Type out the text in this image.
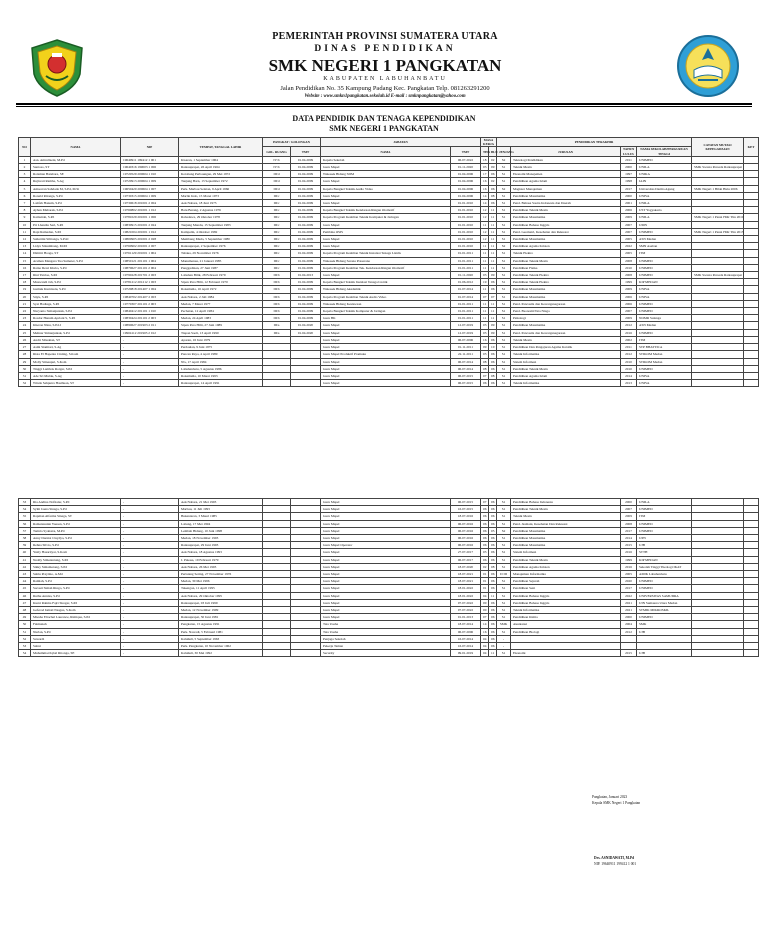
PEMERINTAH PROVINSI SUMATERA UTARA
DINAS PENDIDIKAN
SMK NEGERI 1 PANGKATAN
KABUPATEN LABUHANBATU
Jalan Pendidikan No. 35 Kampung Padang Kec. Pangkatan Telp. 081263291200
Website : www.smkn1pangkatan.sekolah.id E-mail : smknpangkatan@yahoo.com
DATA PENDIDIK DAN TENAGA KEPENDIDIKAN
SMK NEGERI 1 PANGKATAN
NO	NAMA	NIP	TEMPAT, TANGGAL LAHIR	PANGKAT / GOLONGAN		JABATAN		MASA KERJA		PENDIDIKAN TERAKHIR				CATATAN MUTASI KEPEGAWAIAN	KET
				GOL. RUANG	TMT	NAMA	TMT	THN	BLN	JENJANG	JURUSAN	TAHUN LULUS	NAMA SEKOLAH/PERGURUAN TINGGI		

1	Asn. Amrullaeni, M.Pd	19640911 199412 1 001	Kisaran, 1 September 1964	IV/b	01.04.2009	Kepala Sekolah	06.07.2022	18	02	S2	Teknologi Pendidikan	2011	UNIMED		
2	Santoso, ST	19640316 199003 1 006	Rantauprapat, 26 April 1964	IV/b	01.04.2009	Guru Mapel	01.11.2020	03	09	S1	Teknik Mesin	2000	UNILA	SMK Swasta Persada Rantauprapat	
3	Roisman Batubara, SE	19720529 200604 1 010	Kotabang Perbaungan, 29 Mei 1972	III/d	01.04.2009	Wakasek Bidang SDM	01.04.2006	17	06	S1	Ekonomi Manajemen	1997	UNIKA		
4	Rujiwati Rambe, S.Ag	19720913 200604 1 009	Tanjung Barn, 13 September 1972	III/d	01.04.2009	Guru Mapel	01.04.2006	16	02	S1	Pendidikan Agama Islam	1998	IAIN		
5	Amsorran Sahdada M, S.Pd, M.Si	19650420 200604 1 007	Perk. Marbau Selatan, 9 April 1966	III/d	01.04.2009	Kepala Bengkel Teknik Audio Video	01.04.2006	16	06	S2	Magister Manajemen	2017	Universitas Darma Agung	SMK Negeri 1 Bilah Hulu 2006	
6	Ronald Ritonga, S.Pd	19730315 200604 1 009	Marlin Indo, 15 Maret 1973	III/c	01.04.2009	Guru Mapel	01.04.2006	14	08	S1	Pendidikan Matematika	2000	UNIVA		
7	Latifah Hanum, S.Pd	19730618 201001 2 004	Aek Nabara, 18 Juni 1973	III/c	01.04.2009	Guru Mapel	01.01.2010	14	06	S1	Pend. Bahasa Sastra Indonesia dan Daerah	2001	UNILA		
8	Ayhan Mubarak, S.Pd	19760802 201001 1 012	Batu Barang, 2 Agustus 1976	III/c	01.04.2009	Kepala Bengkel Teknik Kendaraan Ringan Otomotif	01.01.2010	12	11	S1	Pendidikan Teknik Mesin	2006	UST Yogyakarta		
9	Kamsirah, S.Pd	19781029 201001 1 006	Rabadawa, 29 Oktober 1978	III/c	01.04.2009	Kepala Program Keahlian Teknik Komputer & Jaringan	01.01.2010	12	11	S1	Pendidikan Matematika	2009	UNILA	SMK Negeri 1 Panai Hilir Thn 2010	
10	Pri Lhandia Sari, S.Pd	19830915 201001 2 024	Tanjung Mandu, 15 September 1983	III/c	01.04.2009	Guru Mapel	01.01.2010	11	11	S1	Pendidikan Bahasa Inggris	2007	UMN		
11	Rapi Ramadan, S.Pd	19821004 201001 1 012	Kampalin, 4 Oktober 1982	III/c	01.04.2009	Pembina OSIS	01.01.2010	12	11	S1	Pend. Geometri, Kesehatan dan Rekreasi	2007	UNIMED	SMK Negeri 1 Panai Hilir Thn 2013	
12	Suhartini Silitonga, S.Pd.I	19800905 201001 2 028	Membang Muda, 5 September 1980	III/c	01.04.2009	Guru Mapel	01.01.2010	12	11	S1	Pendidikan Matematika	2005	ASN Medan		
13	Lidya Silaumbang, M.Pd	19760902 201001 2 007	Rantauprapat, 2 September 1976	III/c	01.04.2009	Guru Mapel	01.01.2010	11	11	S2	Pendidikan Agama Kristen	2022	SMN Aseban		
14	Dimitri Hoaga, ST	19761129 201001 1 004	Tabaka, 29 November 1976	III/c	01.04.2009	Kepala Program Keahlian Teknik Instalasi Tenaga Listrik	01.01.2011	11	11	S1	Teknik Elektro	2005	ITM		
15	Arsman Mangara Tua Sumeter, S.Pd	19850121 201101 1 004	Manumanua, 21 Januari 1985	III/c	01.04.2009	Wakasek Bidang Sarana Prasarana	01.01.2011	11	11	S1	Pendidikan Teknik Mesin	2008	UNIMED		
16	Ratna Dewi Klubo, S.Pd	19870627 201101 2 004	Panggadinan, 27 Juni 1987	III/c	01.04.2009	Kepala Program Keahlian Tek. Kendaraan Ringan Otomotif	01.01.2011	11	11	S1	Pendidikan Fisika	2010	UNIMED		
17	Rini Yetrisa, S.Pd	19790228 201701 2 003	Labuhan Bilik, 28 Februari 1979	III/b	01.04.2013	Guru Mapel	01.11.2020	03	09	S1	Pendidikan Teknik Elektro	2008	UNIMED	SMK Swasta Persada Rantauprapat	
18	Muswandi Jah, S.Pd	19781212 201212 1 003	Sipan Para Hilir, 12 Februari 1970	III/b	01.04.2009	Kepala Bengkel Teknik Instalasi Tenaga Listrik	01.06.2012	19	06	S1	Pendidikan Teknik Elektro	1999	KIP MEDAN		
19	Gumuk Kurniasiu, S.Pd	19720818 201407 1 004	Rokamulia, 16 April 1972	III/b	01.04.2009	Wakasek Bidang Akademik	01.07.2014	11	06	S1	Pendidikan Matematika	2009	UNIVA		
20	Stiyu, S.Pd	19840702 201407 2 003	Aek Nabara, 2 Juli 1984	III/b	01.04.2009	Kepala Program Keahlian Teknik Audio Video	01.07.2014	07	07	S1	Pendidikan Matematika	2006	UNIVA		
21	Syai Hadiaga, S.Pd	19770307 201101 2 003	Medan, 7 Maret 1977	III/b	01.04.2009	Wakasek Bidang Kesiswaan	01.01.2011	11	11	S1	Pend. Pancasila dan Kewarganegaraan	2006	UNIMED		
22	Nuryanto Simanjuntak, S.Pd	19840412 201101 1 010	Pechatan, 12 April 1984	III/b	01.04.2009	Kepala Bengkel Teknik Komputer & Jaringan	01.01.2011	11	11	S1	Pend. Ekonomi/Tata Niaga	2007	UNIMED		
23	Rosdar Hanum Apriani S, S.Pd	19830424 201101 2 003	Medan, 24 April 1983	III/b	01.04.2009	Guru BK	01.01.2011	11	11	S1	Psikologi	2009	NOMR Sulanga		
24	Kheron Ninu, S.Pd.I	19890627 201903 2 011	Sipan Para Hilir, 27 Juni 1989	III/a	01.04.2020	Guru Mapel	12.07.2019	03	09	S1	Pendidikan Matematika	2012	ASN Medan		
25	Mehnar Simanjuntak, S.Pd	19904112 201903 2 012	Tiapan Saoli, 13 April 1990	III/a	01.04.2020	Guru Mapel	12.07.2019	03	09	S1	Pend. Pancasila dan Kewarganegaraan	2016	UNIMED		
26	Andri Sibuahan, ST	-	Aparan, 16 Juni 1979			Guru Mapel	06.07.2006	16	06	S1	Teknik Mesin	2002	ITM		
27	Asmi Siamtari, S.Ag	-	Perdaulan, 9 Juni 1975			Guru Mapel	01.11.2011	09	10	S1	Pendidikan Dan Pengajaran Agama Katolik	2011	STP BHATTICA		
28	Rista El Hapenia Cinting, S.Kom	-	Pancan Raya, 4 April 1989			Guru Mapel Produktif Pramuka	22.11.2011	03	06	S1	Teknik Informatika	2012	STIKOM Medan		
29	Molly Siinaupul, S.Kom	-	NG, 17 April 1984			Guru Mapel	06.07.2014	08	06	S1	Sistem Informasi	2010	STIKOM Medan		
30	Tinggi Lambok Rotgar, S.Pd	-	Labuhanbatu, 5 Agustus 1986			Guru Mapel	06.07.2014	08	06	S1	Pendidikan Teknik Mesin	2010	UNIMED		
31	Ade Sri Mulak, S.Ag	-	Rokamulia, 10 Maret 1993			Guru Mapel	06.07.2015	07	08	S1	Pendidikan Agama Islam	2014	UNIVA		
32	Winda Sahputra Hasibuan, ST	-	Rantauprapat, 14 April 1991			Guru Mapel	06.07.2015	06	06	S1	Teknik Informatika	2013	UNIVA		
33	Ria Andina Nofitaler, S.Pd	-	Aek Nabara, 21 Mei 1993			Guru Mapel	06.07.2015	07	06	S1	Pendidikan Bahasa Indonesia	2000	UNILA		
34	Sylm Jaena Sinaga, S.Pd	-	Marbau, 11 Juli 1993			Guru Mapel	16.07.2015	06	06	S1	Pendidikan Teknik Mesin	2007	UNIMED		
35	Rapman Alfarma Sinaga, ST	-	Bukantaran, 3 Mauri 1985			Guru Mapel	18.07.2016	06	06	S1	Teknik Mesin	2009	ITM		
36	Ramantaunin Yuesan, S.Pd	-	Labang, 17 Mei 1994			Guru Mapel	06.07.2016	06	06	S1	Pend. Jasmani, Kesehatan Dan Rekreasi	2008	UNIMED		
37	Tamria Syahatra, M.Pd	-	Lembah Bidang, 10 Juni 1998			Guru Mapel	06.07.2016	06	05	S2	Pendidikan Matematika	2017	UNIMED		
38	Anny Darnist Claydya, S.Pd	-	Medan, 18 November 1993			Guru Mapel	06.07.2016	06	06	S1	Pendidikan Matematika	2014	UPN		
39	Rehna Silvio, S.Pd	-	Rantauprapat, 29 Juni 1993			Guru Mapel Operator	06.07.2016	06	06	S1	Pendidikan Matematika	2015	UJB		
40	Yuzly Hasarityar, S.Kom	-	Aek Nabara, 18 Agustus 1993			Guru Mapel	27.07.2017	03	06	S1	Sistem Informasi	2016	STTH		
41	Neddy Simatantung, S.Pd	-	J. Pakasa, 19 Februari 1979			Guru Mapel	06.07.2017	06	06	S1	Pendidikan Teknik Mesin	1999	KIP MEDAN		
42	Sikky Simamatong, S.Pd	-	Aek Nabara, 26 Mei 1993			Guru Mapel	18.07.2020	02	08	S1	Pendidikan Agama Kristen	2016	Sekolah Tinggi Theologi IKAT		
43	Sahlu Prayitno, A.Md	-	Perisiang Sering, 27 November 1976			Guru Mapel	18.07.2021	01	06	D III	Manajemen Informatika	2005	AMIK Labuhanbatu		
44	Ramlah, S.Pd	-	Medan, 30 Mei 1996			Guru Mapel	18.07.2021	01	06	S1	Pendidikan Sejarah	2020	UNIMED		
45	Sucasti Simah Ringo, S.Pd	-	Takengon, 11 April 1995			Guru Mapel	18.01.2022	01	06	S1	Pendidikan Seni	2017	UNIMED		
46	Ruthu Annisa, S.Pd	-	Aek Nabara, 29 Oktober 1995			Guru Mapel	18.01.2022	04	11	S1	Pendidikan Bahasa Inggris	2022	UNIVERSITAS SAMUDRA		
47	Kurni Rahma Fajri Siregar, S.Pd	-	Rantauprapat, 03 Juli 1999			Guru Mapel	07.07.2022	00	06	S1	Pendidikan Bahasa Inggris	2021	UIN Sumatera Utara Medan		
48	Geferod Ismail Nasgus, S.Kom	-	Medan, 12 November 1999			Guru Mapel	07.07.2022	00	06	S1	Teknik Informatika	2021	STMIK MIKROSKIL		
49	Miesha Elrachel Laurance, Rimiqua, S.Pd	-	Rantauprapat, 30 Juni 1981			Guru Mapel	01.01.2013	07	06	S1	Pendidikan Kimia	2000	UNIMED		
50	Faimunah	-	Pengkatan, 15 Agustus 1991			Tata Usaha	18.07.2014	14	06	SMK	Akuntansi	2004	SMK		
51	Nurlan, S.Pd	-	Perk. Nawadi, 5 Februari 1981			Tata Usaha	06.07.2006	16	06	S1	Pendidikan Biologi	2012	UJB		
52	Suwardi	-	Kaluhuli, 5 September 1963			Penjaga Sekolah	16.07.2014	04	06	-					
53	Sahni	-	Perk. Pangkatan, 10 November 1962			Pekerja Taman	16.07.2014	04	06	-					
54	Muhammad Iqbal Ritonga, SE	-	Kaluhuli, 30 Mei 1992			Security	09.01.2019	04	11	S1	Ekonomi	2015	UJB		
Pangkatan, Januari 2023
Kepala SMK Negeri 1 Pangkatan
Drs. ASNIDAWATI, M.Pd
NIP. 19640911 199412 1 001
